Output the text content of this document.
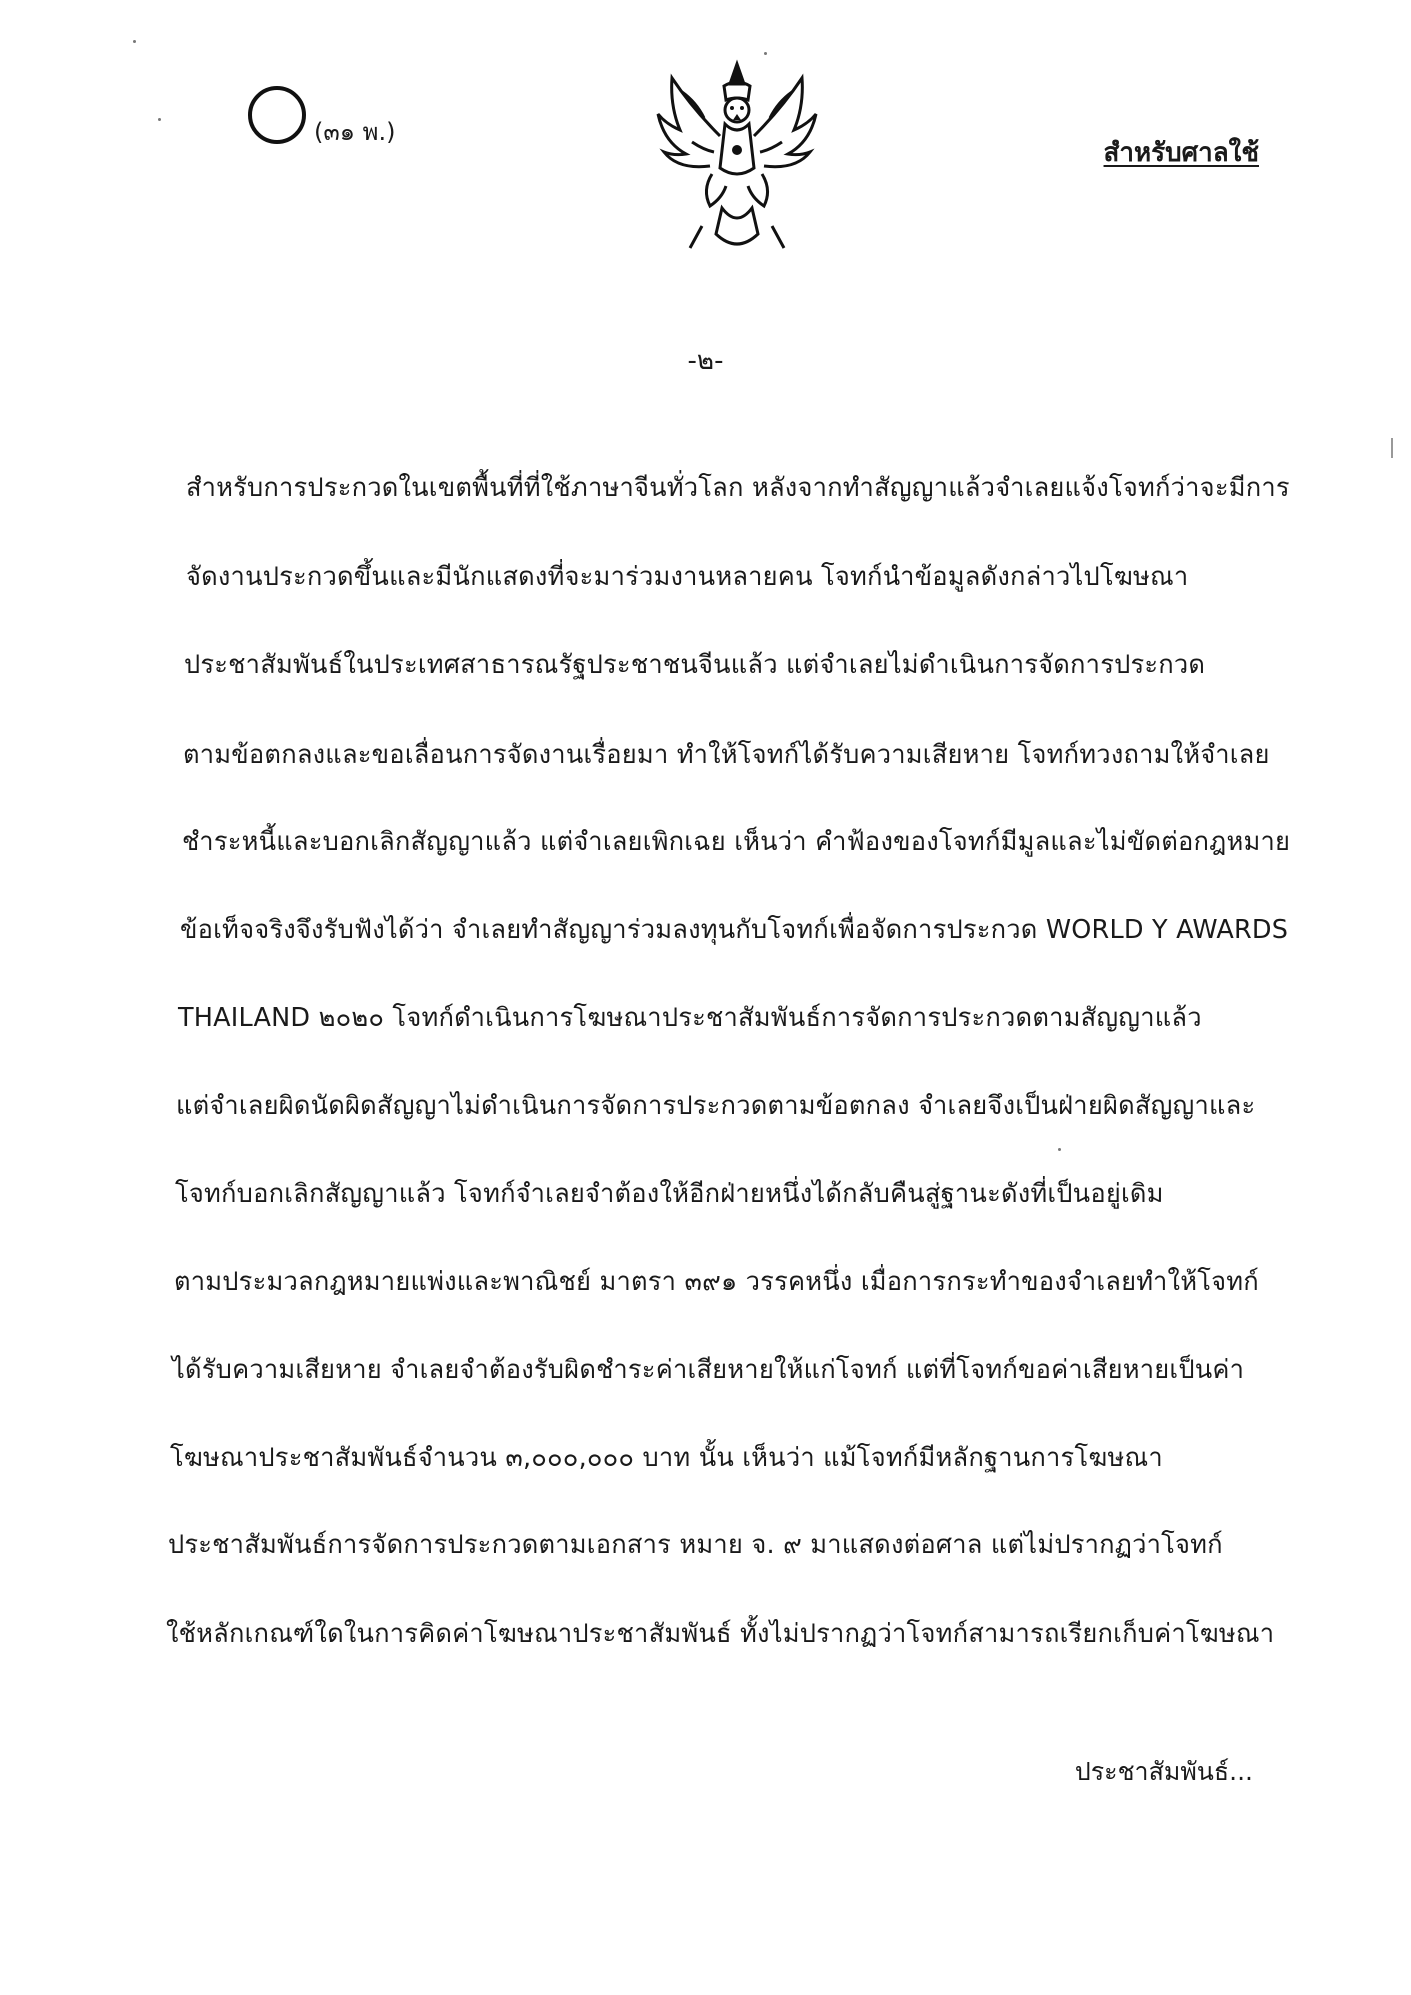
(๓๑ พ.)
สำหรับศาลใช้
-๒-
สำหรับการประกวดในเขตพื้นที่ที่ใช้ภาษาจีนทั่วโลก หลังจากทำสัญญาแล้วจำเลยแจ้งโจทก์ว่าจะมีการ
จัดงานประกวดขึ้นและมีนักแสดงที่จะมาร่วมงานหลายคน โจทก์นำข้อมูลดังกล่าวไปโฆษณา
ประชาสัมพันธ์ในประเทศสาธารณรัฐประชาชนจีนแล้ว แต่จำเลยไม่ดำเนินการจัดการประกวด
ตามข้อตกลงและขอเลื่อนการจัดงานเรื่อยมา ทำให้โจทก์ได้รับความเสียหาย โจทก์ทวงถามให้จำเลย
ชำระหนี้และบอกเลิกสัญญาแล้ว แต่จำเลยเพิกเฉย เห็นว่า คำฟ้องของโจทก์มีมูลและไม่ขัดต่อกฎหมาย
ข้อเท็จจริงจึงรับฟังได้ว่า จำเลยทำสัญญาร่วมลงทุนกับโจทก์เพื่อจัดการประกวด WORLD Y AWARDS
THAILAND ๒๐๒๐ โจทก์ดำเนินการโฆษณาประชาสัมพันธ์การจัดการประกวดตามสัญญาแล้ว
แต่จำเลยผิดนัดผิดสัญญาไม่ดำเนินการจัดการประกวดตามข้อตกลง จำเลยจึงเป็นฝ่ายผิดสัญญาและ
โจทก์บอกเลิกสัญญาแล้ว โจทก์จำเลยจำต้องให้อีกฝ่ายหนึ่งได้กลับคืนสู่ฐานะดังที่เป็นอยู่เดิม
ตามประมวลกฎหมายแพ่งและพาณิชย์ มาตรา ๓๙๑ วรรคหนึ่ง เมื่อการกระทำของจำเลยทำให้โจทก์
ได้รับความเสียหาย จำเลยจำต้องรับผิดชำระค่าเสียหายให้แก่โจทก์ แต่ที่โจทก์ขอค่าเสียหายเป็นค่า
โฆษณาประชาสัมพันธ์จำนวน ๓,๐๐๐,๐๐๐ บาท นั้น เห็นว่า แม้โจทก์มีหลักฐานการโฆษณา
ประชาสัมพันธ์การจัดการประกวดตามเอกสาร หมาย จ. ๙ มาแสดงต่อศาล แต่ไม่ปรากฏว่าโจทก์
ใช้หลักเกณฑ์ใดในการคิดค่าโฆษณาประชาสัมพันธ์ ทั้งไม่ปรากฏว่าโจทก์สามารถเรียกเก็บค่าโฆษณา
ประชาสัมพันธ์...
